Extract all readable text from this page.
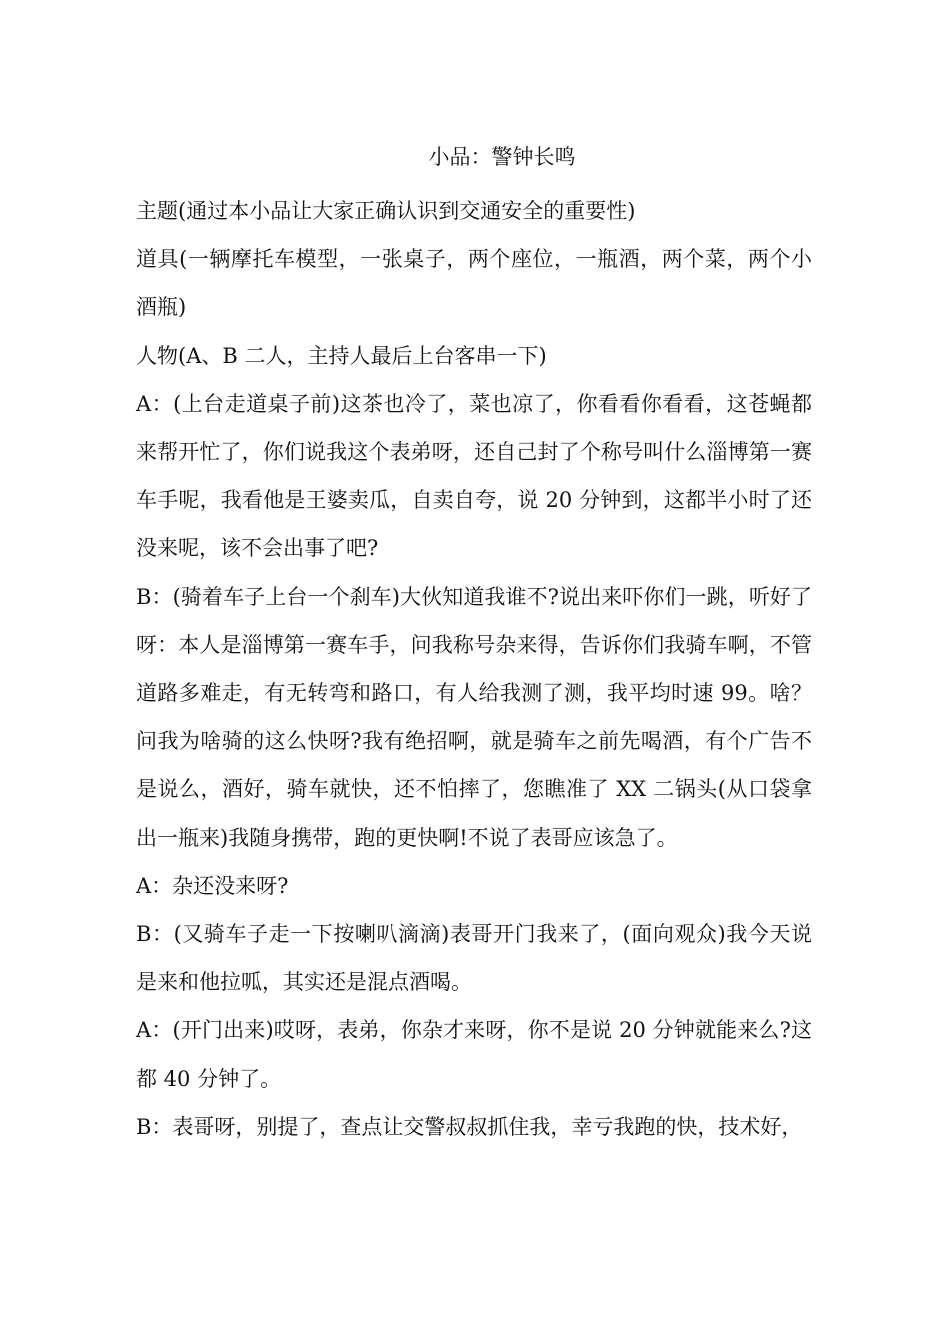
小品：警钟长鸣

主题(通过本小品让大家正确认识到交通安全的重要性)

道具(一辆摩托车模型，一张桌子，两个座位，一瓶酒，两个菜，两个小酒瓶)

人物(A、B 二人，主持人最后上台客串一下)

A：(上台走道桌子前)这茶也冷了，菜也凉了，你看看你看看，这苍蝇都来帮开忙了，你们说我这个表弟呀，还自己封了个称号叫什么淄博第一赛车手呢，我看他是王婆卖瓜，自卖自夸，说 20 分钟到，这都半小时了还没来呢，该不会出事了吧?

B：(骑着车子上台一个刹车)大伙知道我谁不?说出来吓你们一跳，听好了呀：本人是淄博第一赛车手，问我称号杂来得，告诉你们我骑车啊，不管道路多难走，有无转弯和路口，有人给我测了测，我平均时速 99。啥？问我为啥骑的这么快呀?我有绝招啊，就是骑车之前先喝酒，有个广告不是说么，酒好，骑车就快，还不怕摔了，您瞧准了 XX 二锅头(从口袋拿出一瓶来)我随身携带，跑的更快啊!不说了表哥应该急了。

A：杂还没来呀?

B：(又骑车子走一下按喇叭滴滴)表哥开门我来了，(面向观众)我今天说是来和他拉呱，其实还是混点酒喝。

A：(开门出来)哎呀，表弟，你杂才来呀，你不是说 20 分钟就能来么?这都 40 分钟了。

B：表哥呀，别提了，查点让交警叔叔抓住我，幸亏我跑的快，技术好，
